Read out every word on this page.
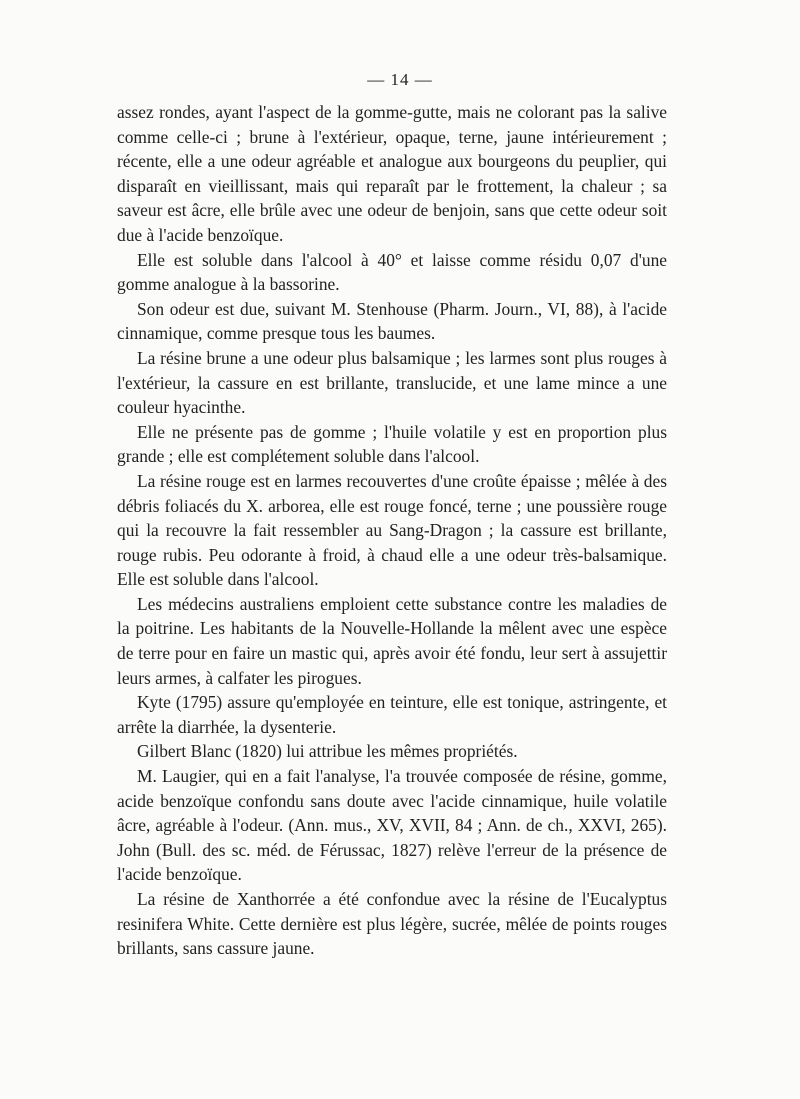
— 14 —

assez rondes, ayant l'aspect de la gomme-gutte, mais ne colorant pas la salive comme celle-ci ; brune à l'extérieur, opaque, terne, jaune intérieurement ; récente, elle a une odeur agréable et analogue aux bourgeons du peuplier, qui disparaît en vieillissant, mais qui reparaît par le frottement, la chaleur ; sa saveur est âcre, elle brûle avec une odeur de benjoin, sans que cette odeur soit due à l'acide benzoïque.

Elle est soluble dans l'alcool à 40° et laisse comme résidu 0,07 d'une gomme analogue à la bassorine.

Son odeur est due, suivant M. Stenhouse (Pharm. Journ., VI, 88), à l'acide cinnamique, comme presque tous les baumes.

La résine brune a une odeur plus balsamique ; les larmes sont plus rouges à l'extérieur, la cassure en est brillante, translucide, et une lame mince a une couleur hyacinthe.

Elle ne présente pas de gomme ; l'huile volatile y est en proportion plus grande ; elle est complétement soluble dans l'alcool.

La résine rouge est en larmes recouvertes d'une croûte épaisse ; mêlée à des débris foliacés du X. arborea, elle est rouge foncé, terne ; une poussière rouge qui la recouvre la fait ressembler au Sang-Dragon ; la cassure est brillante, rouge rubis. Peu odorante à froid, à chaud elle a une odeur très-balsamique. Elle est soluble dans l'alcool.

Les médecins australiens emploient cette substance contre les maladies de la poitrine. Les habitants de la Nouvelle-Hollande la mêlent avec une espèce de terre pour en faire un mastic qui, après avoir été fondu, leur sert à assujettir leurs armes, à calfater les pirogues.

Kyte (1795) assure qu'employée en teinture, elle est tonique, astringente, et arrête la diarrhée, la dysenterie.

Gilbert Blanc (1820) lui attribue les mêmes propriétés.

M. Laugier, qui en a fait l'analyse, l'a trouvée composée de résine, gomme, acide benzoïque confondu sans doute avec l'acide cinnamique, huile volatile âcre, agréable à l'odeur. (Ann. mus., XV, XVII, 84 ; Ann. de ch., XXVI, 265). John (Bull. des sc. méd. de Férussac, 1827) relève l'erreur de la présence de l'acide benzoïque.

La résine de Xanthorrée a été confondue avec la résine de l'Eucalyptus resinifera White. Cette dernière est plus légère, sucrée, mêlée de points rouges brillants, sans cassure jaune.
